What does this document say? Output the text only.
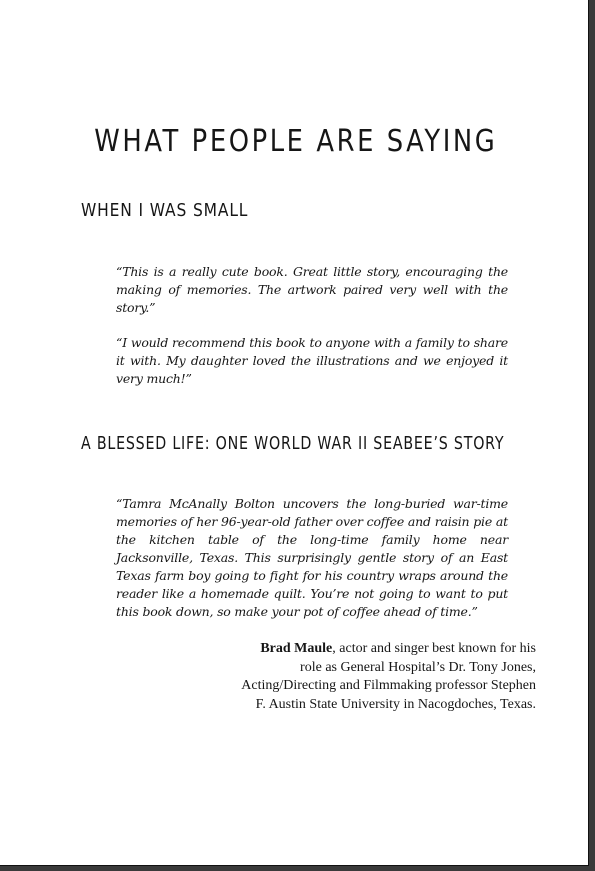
WHAT PEOPLE ARE SAYING
WHEN I WAS SMALL

“This is a really cute book. Great little story, encouraging the making of memories. The artwork paired very well with the story.”

“I would recommend this book to anyone with a family to share it with. My daughter loved the illustrations and we enjoyed it very much!”

A BLESSED LIFE: ONE WORLD WAR II SEABEE’S STORY

“Tamra McAnally Bolton uncovers the long-buried war-time memories of her 96-year-old father over coffee and raisin pie at the kitchen table of the long-time family home near Jacksonville, Texas. This surprisingly gentle story of an East Texas farm boy going to fight for his country wraps around the reader like a homemade quilt. You’re not going to want to put this book down, so make your pot of coffee ahead of time.”

Brad Maule, actor and singer best known for his role as General Hospital’s Dr. Tony Jones, Acting/Directing and Filmmaking professor Stephen F. Austin State University in Nacogdoches, Texas.
